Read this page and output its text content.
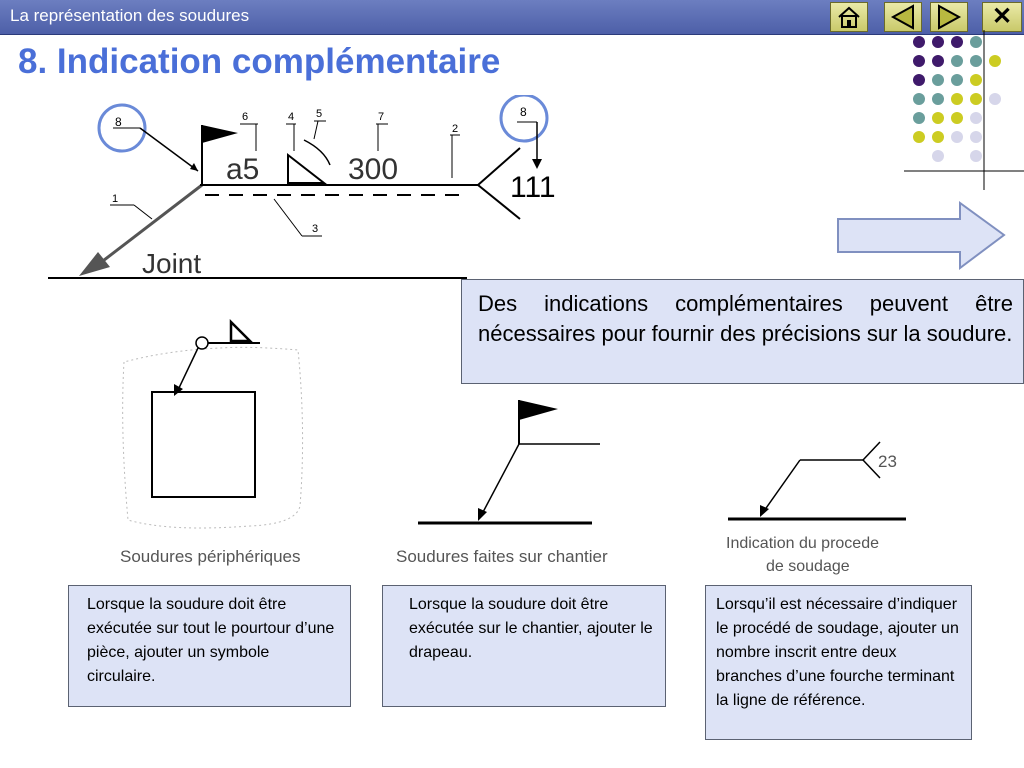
La représentation des soudures	✕
8. Indication complémentaire
a5	300
111
Joint
1
2
3
4 5
6	7
8
8
Des indications complémentaires peuvent être nécessaires pour fournir des précisions sur la soudure.
Soudures périphériques	Soudures faites sur chantier
23
Indication du procede
de soudage
Lorsque la soudure doit être exécutée sur tout le pourtour d’une pièce, ajouter un symbole circulaire.
Lorsque la soudure doit être exécutée sur le chantier, ajouter le drapeau.
Lorsqu’il est nécessaire d’indiquer le procédé de soudage, ajouter un nombre inscrit entre deux branches d’une fourche terminant la ligne de référence.
